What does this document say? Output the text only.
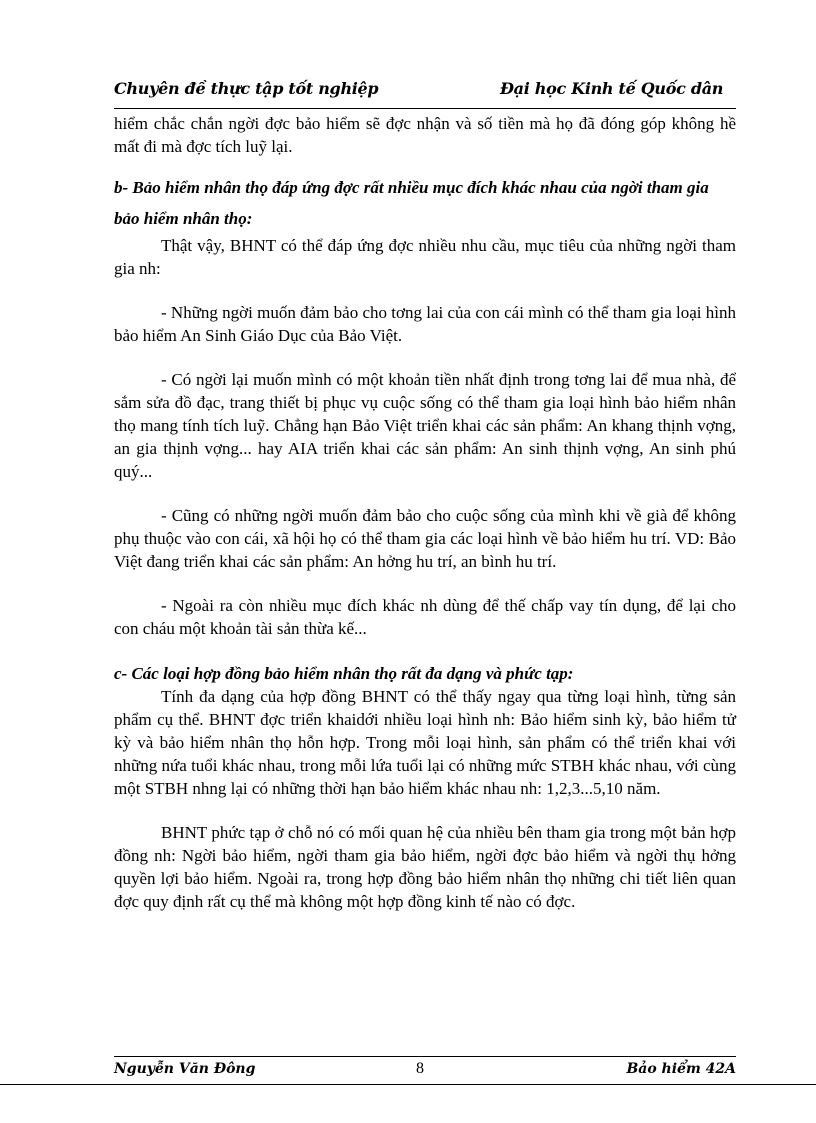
Chuyên đề thực tập tốt nghiệp	Đại học Kinh tế Quốc dân

hiểm chắc chắn ngời đợc bảo hiểm sẽ đợc nhận và số tiền mà họ đã đóng góp không hề mất đi mà đợc tích luỹ lại.

b- Bảo hiểm nhân thọ đáp ứng đợc rất nhiều mục đích khác nhau của ngời tham gia bảo hiểm nhân thọ:

Thật vậy, BHNT có thể đáp ứng đợc nhiều nhu cầu, mục tiêu của những ngời tham gia nh:

- Những ngời muốn đảm bảo cho tơng lai của con cái mình có thể tham gia loại hình bảo hiểm An Sinh Giáo Dục của Bảo Việt.

- Có ngời lại muốn mình có một khoản tiền nhất định trong tơng lai để mua nhà, để sắm sửa đồ đạc, trang thiết bị phục vụ cuộc sống có thể tham gia loại hình bảo hiểm nhân thọ mang tính tích luỹ. Chẳng hạn Bảo Việt triển khai các sản phẩm: An khang thịnh vợng, an gia thịnh vợng... hay AIA triển khai các sản phẩm: An sinh thịnh vợng, An sinh phú quý...

- Cũng có những ngời muốn đảm bảo cho cuộc sống của mình khi về già để không phụ thuộc vào con cái, xã hội họ có thể tham gia các loại hình về bảo hiểm hu trí. VD: Bảo Việt đang triển khai các sản phẩm: An hởng hu trí, an bình hu trí.

- Ngoài ra còn nhiều mục đích khác nh dùng để thế chấp vay tín dụng, để lại cho con cháu một khoản tài sản thừa kế...

c- Các loại hợp đồng bảo hiểm nhân thọ rất đa dạng và phức tạp:

Tính đa dạng của hợp đồng BHNT có thể thấy ngay qua từng loại hình, từng sản phẩm cụ thể. BHNT đợc triển khaidới nhiều loại hình nh: Bảo hiểm sinh kỳ, bảo hiểm tử kỳ và bảo hiểm nhân thọ hỗn hợp. Trong mỗi loại hình, sản phẩm có thể triển khai với những nứa tuổi khác nhau, trong mỗi lứa tuổi lại có những mức STBH khác nhau, với cùng một STBH nhng lại có những thời hạn bảo hiểm khác nhau nh: 1,2,3...5,10 năm.

BHNT phức tạp ở chỗ nó có mối quan hệ của nhiều bên tham gia trong một bản hợp đồng nh: Ngời bảo hiểm, ngời tham gia bảo hiểm, ngời đợc bảo hiểm và ngời thụ hởng quyền lợi bảo hiểm. Ngoài ra, trong hợp đồng bảo hiểm nhân thọ những chi tiết liên quan đợc quy định rất cụ thể mà không một hợp đồng kinh tế nào có đợc.

Nguyễn Văn Đông	8	Bảo hiểm 42A
